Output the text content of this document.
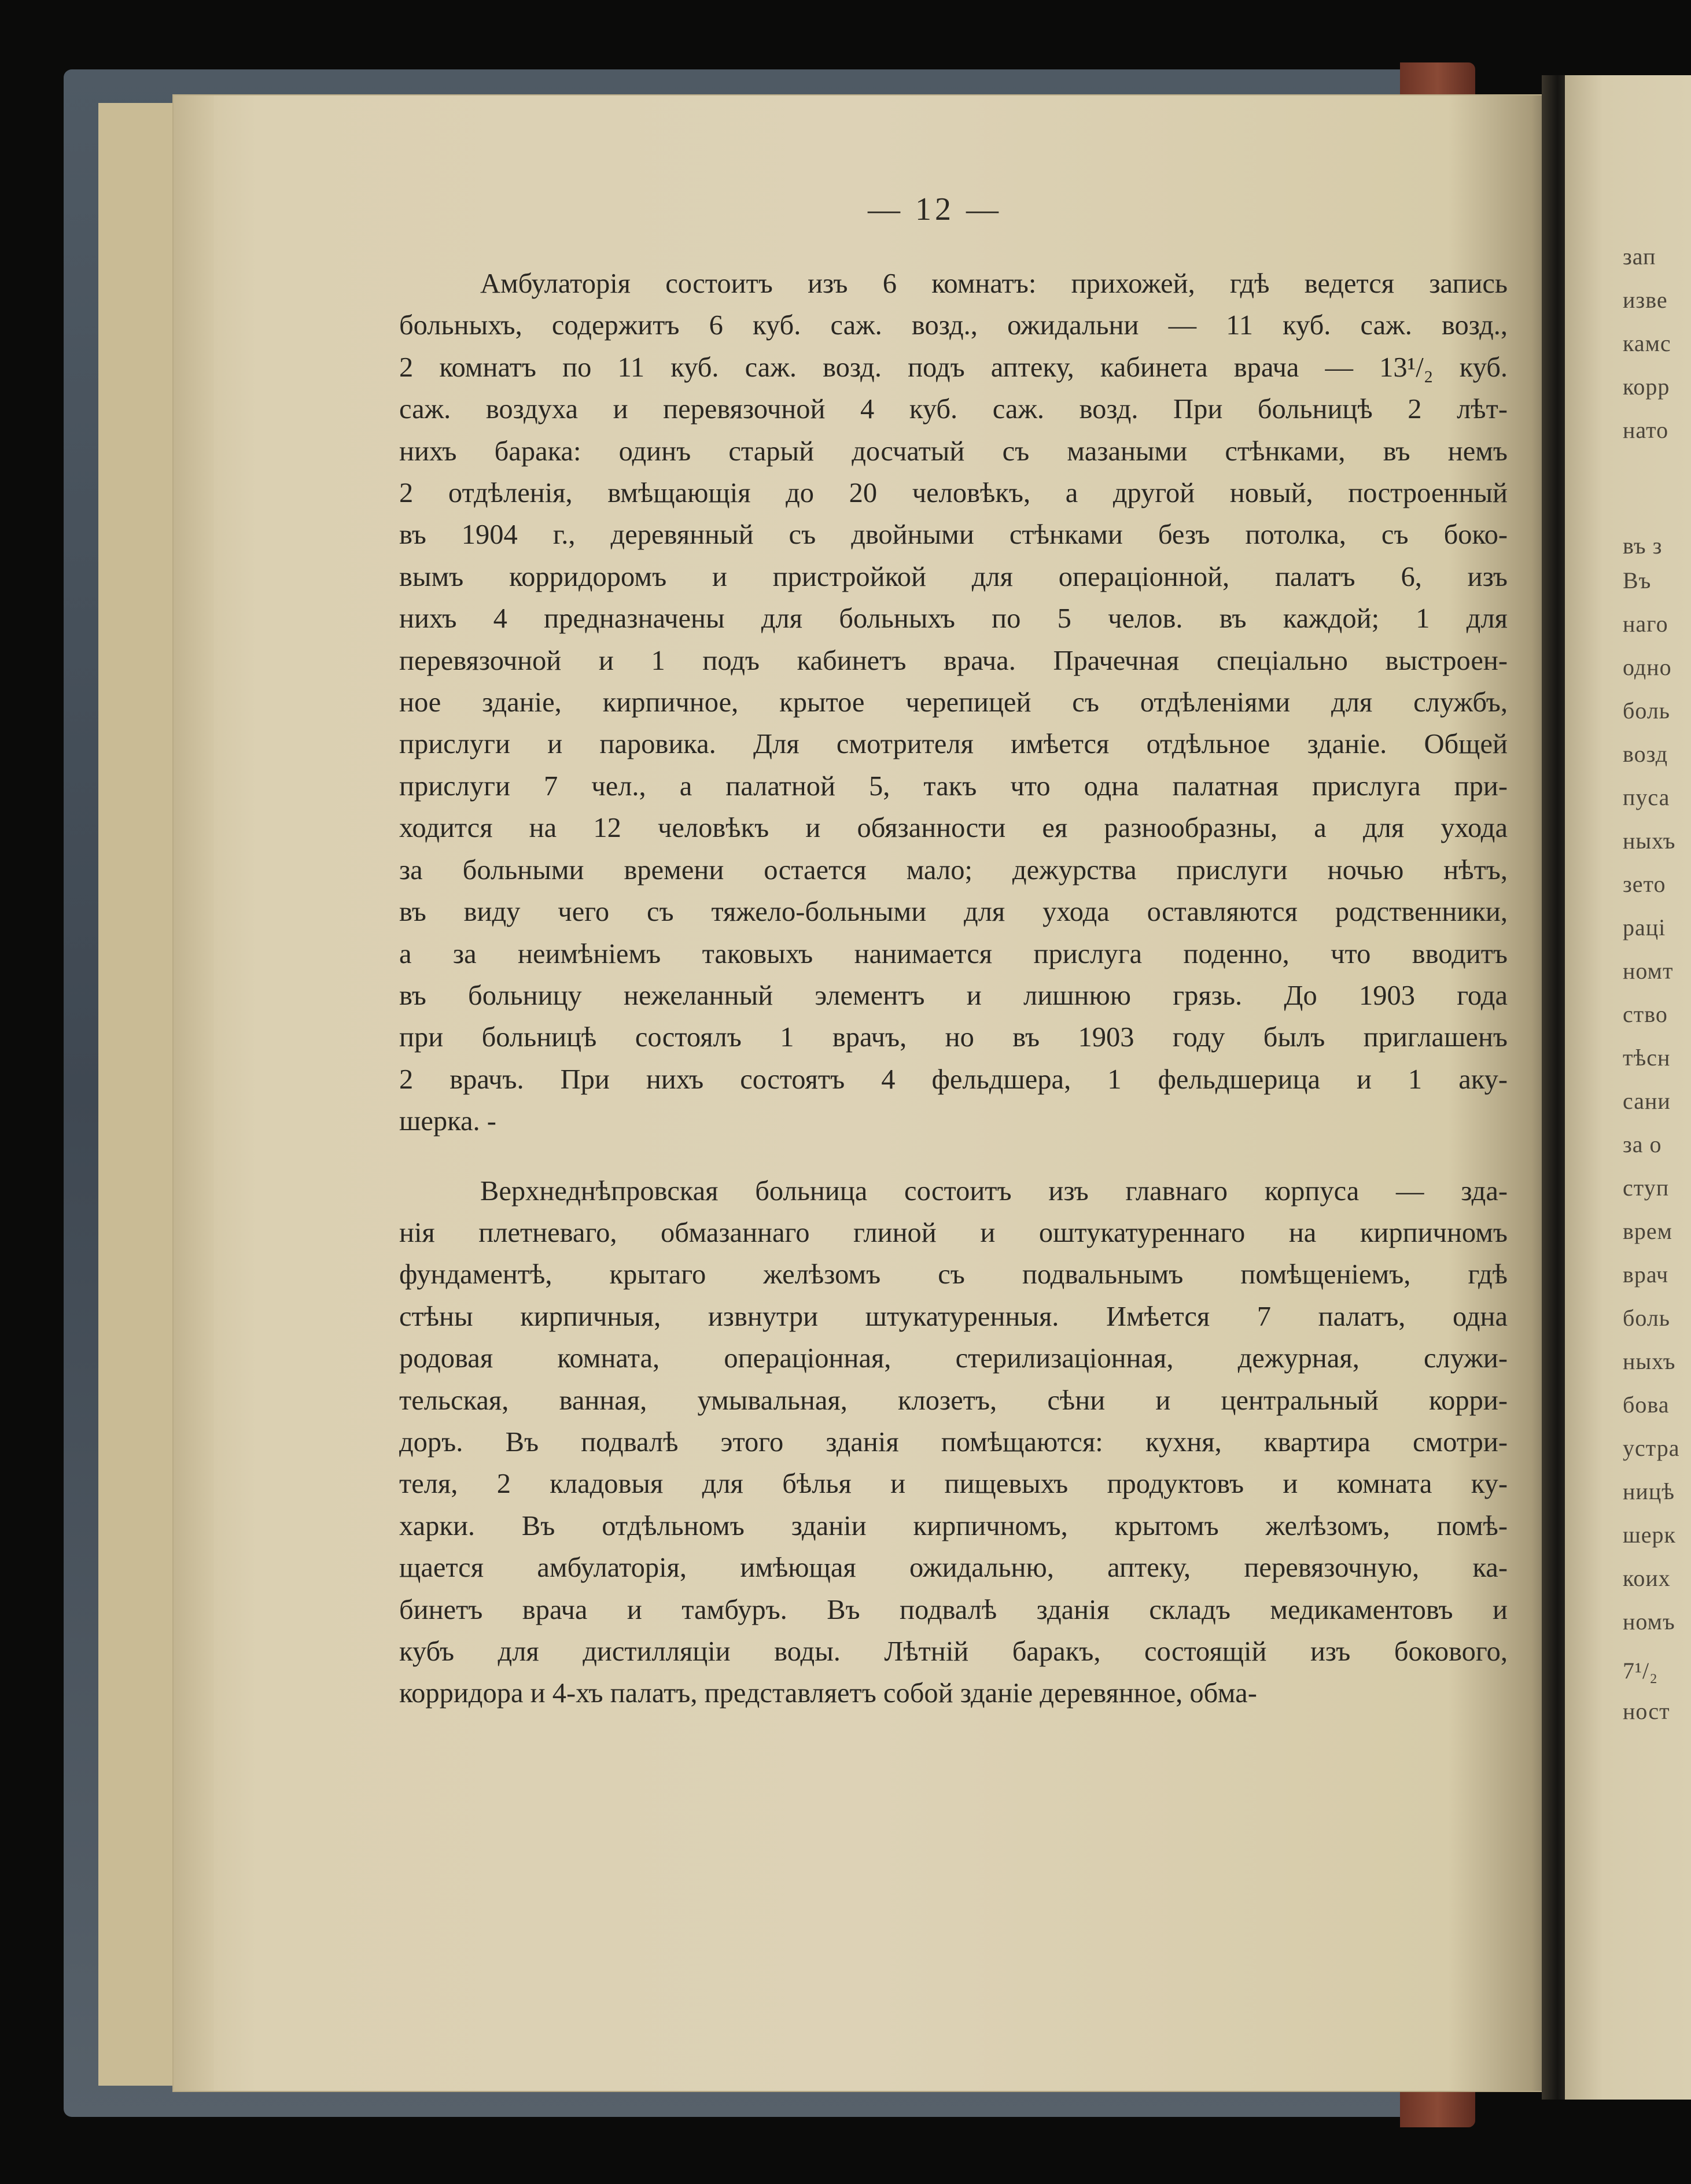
зап
изве
камс
корр
нато
въ з
Въ
наго
одно
боль
возд
пуса
ныхъ
зето
раці
номт
ство
тѣсн
сани
за о
ступ
врем
врач
боль
ныхъ
бова
устра
ницѣ
шерк
коих
номъ
7¹/₂
ност
— 12 —

Амбулаторія состоитъ изъ 6 комнатъ: прихожей, гдѣ ведется запись
больныхъ, содержитъ 6 куб. саж. возд., ожидальни — 11 куб. саж. возд.,
2 комнатъ по 11 куб. саж. возд. подъ аптеку, кабинета врача — 13¹/₂ куб.
саж. воздуха и перевязочной 4 куб. саж. возд. При больницѣ 2 лѣт-
нихъ барака: одинъ старый досчатый съ мазаными стѣнками, въ немъ
2 отдѣленія, вмѣщающія до 20 человѣкъ, а другой новый, построенный
въ 1904 г., деревянный съ двойными стѣнками безъ потолка, съ боко-
вымъ корридоромъ и пристройкой для операціонной, палатъ 6, изъ
нихъ 4 предназначены для больныхъ по 5 челов. въ каждой; 1 для
перевязочной и 1 подъ кабинетъ врача. Прачечная спеціально выстроен-
ное зданіе, кирпичное, крытое черепицей съ отдѣленіями для службъ,
прислуги и паровика. Для смотрителя имѣется отдѣльное зданіе. Общей
прислуги 7 чел., а палатной 5, такъ что одна палатная прислуга при-
ходится на 12 человѣкъ и обязанности ея разнообразны, а для ухода
за больными времени остается мало; дежурства прислуги ночью нѣтъ,
въ виду чего съ тяжело-больными для ухода оставляются родственники,
а за неимѣніемъ таковыхъ нанимается прислуга поденно, что вводитъ
въ больницу нежеланный элементъ и лишнюю грязь. До 1903 года
при больницѣ состоялъ 1 врачъ, но въ 1903 году былъ приглашенъ
2 врачъ. При нихъ состоятъ 4 фельдшера, 1 фельдшерица и 1 аку-
шерка. -

Верхнеднѣпровская больница состоитъ изъ главнаго корпуса — зда-
нія плетневаго, обмазаннаго глиной и оштукатуреннаго на кирпичномъ
фундаментѣ, крытаго желѣзомъ съ подвальнымъ помѣщеніемъ, гдѣ
стѣны кирпичныя, извнутри штукатуренныя. Имѣется 7 палатъ, одна
родовая комната, операціонная, стерилизаціонная, дежурная, служи-
тельская, ванная, умывальная, клозетъ, сѣни и центральный корри-
доръ. Въ подвалѣ этого зданія помѣщаются: кухня, квартира смотри-
теля, 2 кладовыя для бѣлья и пищевыхъ продуктовъ и комната ку-
харки. Въ отдѣльномъ зданіи кирпичномъ, крытомъ желѣзомъ, помѣ-
щается амбулаторія, имѣющая ожидальню, аптеку, перевязочную, ка-
бинетъ врача и тамбуръ. Въ подвалѣ зданія складъ медикаментовъ и
кубъ для дистилляціи воды. Лѣтній баракъ, состоящій изъ бокового,
корридора и 4-хъ палатъ, представляетъ собой зданіе деревянное, обма-
